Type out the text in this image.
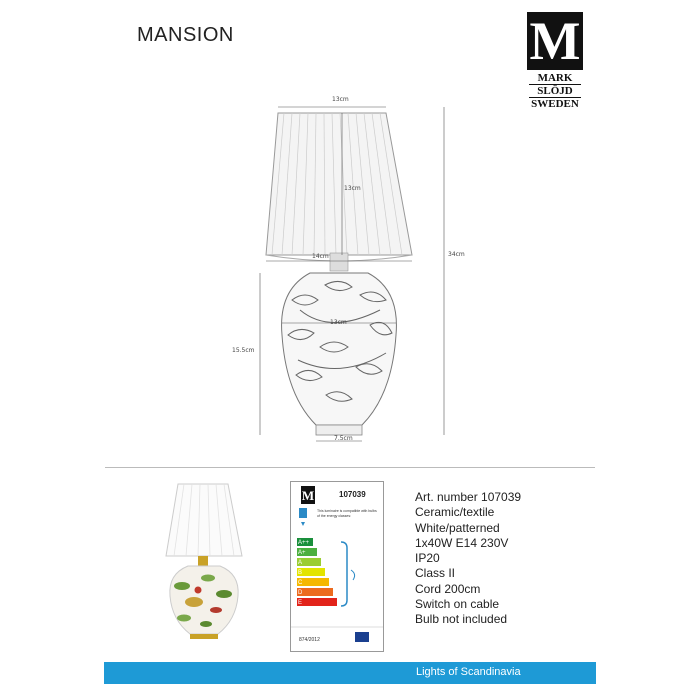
MANSION	M
MARK
SLÖJD
SWEDEN
13cm
13cm
14cm	34cm
15.5cm
13cm
7.5cm
M	107039
This luminaire is compatible with bulbs of the energy classes:
A++
A+
A
B
C
D
E
874/2012
Art. number 107039
Ceramic/textile
White/patterned
1x40W E14 230V
IP20
Class II
Cord 200cm
Switch on cable
Bulb not included
Lights of Scandinavia
